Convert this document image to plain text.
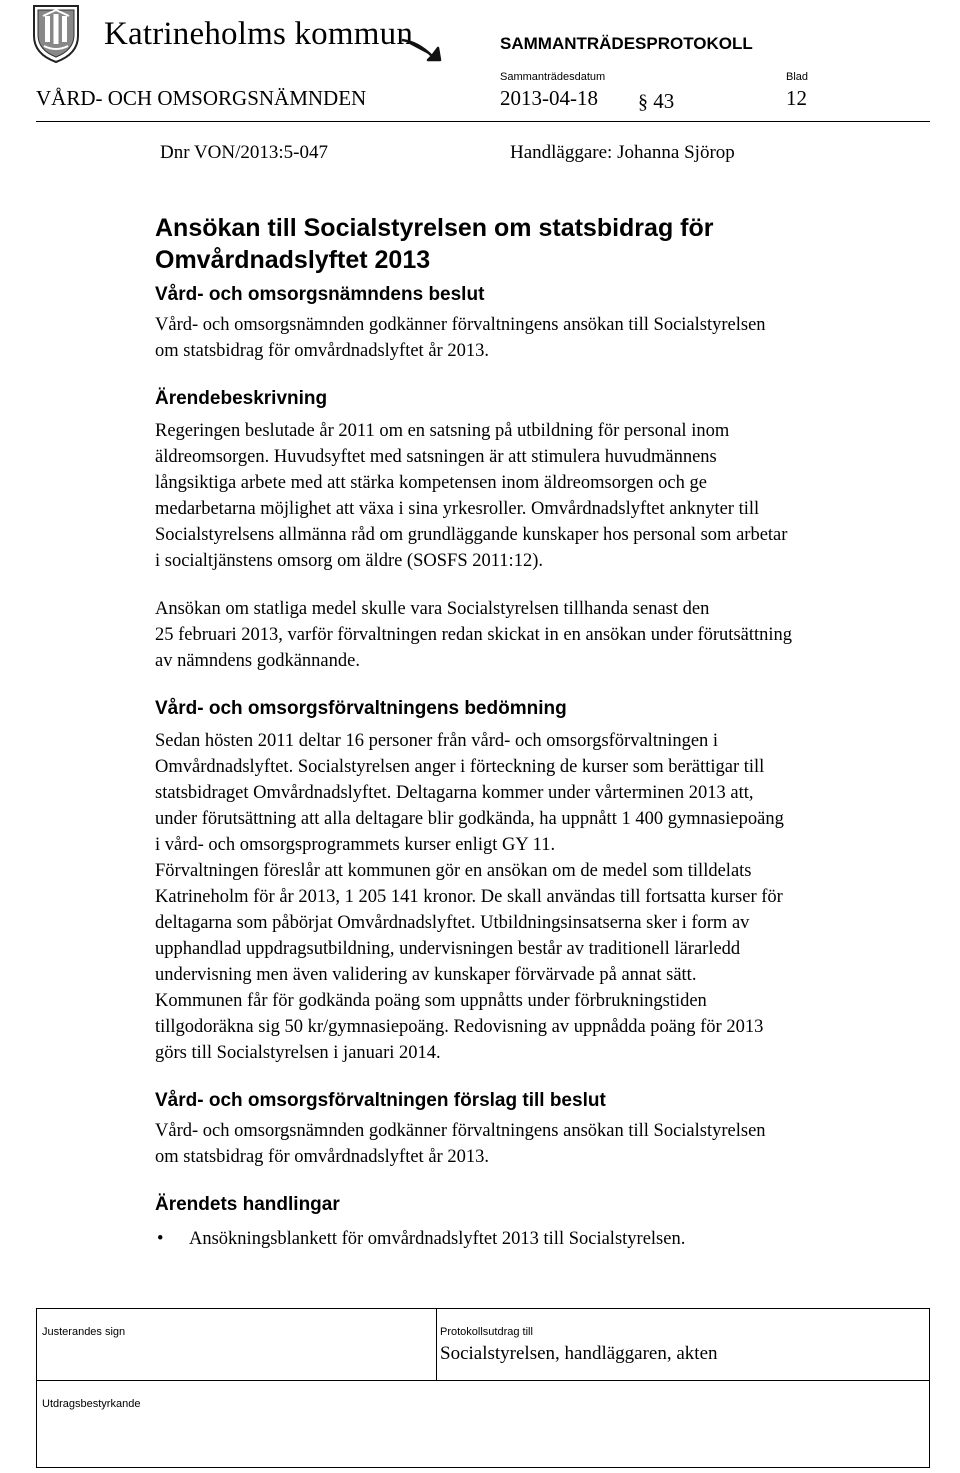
Katrineholms kommun	SAMMANTRÄDESPROTOKOLL
Sammanträdesdatum	Blad
VÅRD- OCH OMSORGSNÄMNDEN	2013-04-18 § 43	12
Dnr VON/2013:5-047	Handläggare: Johanna Sjörop
Ansökan till Socialstyrelsen om statsbidrag för Omvårdnadslyftet 2013
Vård- och omsorgsnämndens beslut

Vård- och omsorgsnämnden godkänner förvaltningens ansökan till Socialstyrelsen
om statsbidrag för omvårdnadslyftet år 2013.

Ärendebeskrivning

Regeringen beslutade år 2011 om en satsning på utbildning för personal inom
äldreomsorgen. Huvudsyftet med satsningen är att stimulera huvudmännens
långsiktiga arbete med att stärka kompetensen inom äldreomsorgen och ge
medarbetarna möjlighet att växa i sina yrkesroller. Omvårdnadslyftet anknyter till
Socialstyrelsens allmänna råd om grundläggande kunskaper hos personal som arbetar
i socialtjänstens omsorg om äldre (SOSFS 2011:12).

Ansökan om statliga medel skulle vara Socialstyrelsen tillhanda senast den
25 februari 2013, varför förvaltningen redan skickat in en ansökan under förutsättning
av nämndens godkännande.

Vård- och omsorgsförvaltningens bedömning

Sedan hösten 2011 deltar 16 personer från vård- och omsorgsförvaltningen i
Omvårdnadslyftet. Socialstyrelsen anger i förteckning de kurser som berättigar till
statsbidraget Omvårdnadslyftet. Deltagarna kommer under vårterminen 2013 att,
under förutsättning att alla deltagare blir godkända, ha uppnått 1 400 gymnasiepoäng
i vård- och omsorgsprogrammets kurser enligt GY 11.
Förvaltningen föreslår att kommunen gör en ansökan om de medel som tilldelats
Katrineholm för år 2013, 1 205 141 kronor. De skall användas till fortsatta kurser för
deltagarna som påbörjat Omvårdnadslyftet. Utbildningsinsatserna sker i form av
upphandlad uppdragsutbildning, undervisningen består av traditionell lärarledd
undervisning men även validering av kunskaper förvärvade på annat sätt.
Kommunen får för godkända poäng som uppnåtts under förbrukningstiden
tillgodoräkna sig 50 kr/gymnasiepoäng. Redovisning av uppnådda poäng för 2013
görs till Socialstyrelsen i januari 2014.

Vård- och omsorgsförvaltningen förslag till beslut

Vård- och omsorgsnämnden godkänner förvaltningens ansökan till Socialstyrelsen
om statsbidrag för omvårdnadslyftet år 2013.

Ärendets handlingar
• Ansökningsblankett för omvårdnadslyftet 2013 till Socialstyrelsen.
Justerandes sign	Protokollsutdrag till
Socialstyrelsen, handläggaren, akten
Utdragsbestyrkande
